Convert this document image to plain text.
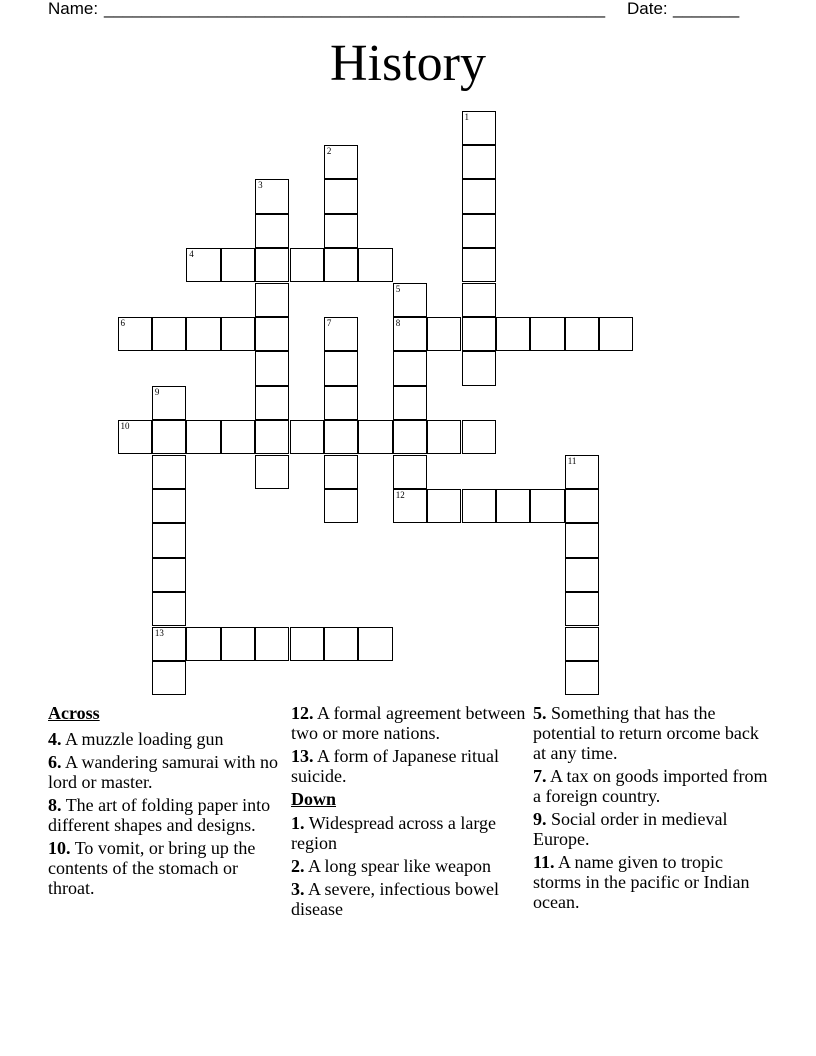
Name: _____________________________________________________ Date: _______
History
4
6	8
10
12
13
1
2
3
5
7
9
11
Across
4. A muzzle loading gun
6. A wandering samurai with no lord or master.
8. The art of folding paper into different shapes and designs.
10. To vomit, or bring up the contents of the stomach or throat.
12. A formal agreement between two or more nations.
13. A form of Japanese ritual suicide.
Down
1. Widespread across a large region
2. A long spear like weapon
3. A severe, infectious bowel disease
5. Something that has the potential to return orcome back at any time.
7. A tax on goods imported from a foreign country.
9. Social order in medieval Europe.
11. A name given to tropic storms in the pacific or Indian ocean.
